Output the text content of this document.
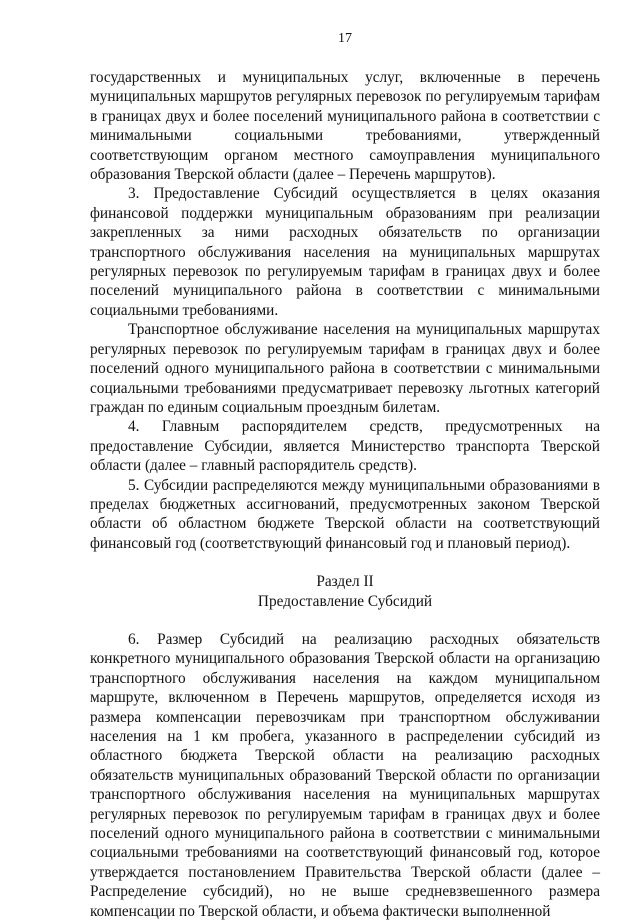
17

государственных и муниципальных услуг, включенные в перечень муниципальных маршрутов регулярных перевозок по регулируемым тарифам в границах двух и более поселений муниципального района в соответствии с минимальными социальными требованиями, утвержденный соответствующим органом местного самоуправления муниципального образования Тверской области (далее – Перечень маршрутов).

3. Предоставление Субсидий осуществляется в целях оказания финансовой поддержки муниципальным образованиям при реализации закрепленных за ними расходных обязательств по организации транспортного обслуживания населения на муниципальных маршрутах регулярных перевозок по регулируемым тарифам в границах двух и более поселений муниципального района в соответствии с минимальными социальными требованиями.

Транспортное обслуживание населения на муниципальных маршрутах регулярных перевозок по регулируемым тарифам в границах двух и более поселений одного муниципального района в соответствии с минимальными социальными требованиями предусматривает перевозку льготных категорий граждан по единым социальным проездным билетам.

4. Главным распорядителем средств, предусмотренных на предоставление Субсидии, является Министерство транспорта Тверской области (далее – главный распорядитель средств).

5. Субсидии распределяются между муниципальными образованиями в пределах бюджетных ассигнований, предусмотренных законом Тверской области об областном бюджете Тверской области на соответствующий финансовый год (соответствующий финансовый год и плановый период).

Раздел II

Предоставление Субсидий

6. Размер Субсидий на реализацию расходных обязательств конкретного муниципального образования Тверской области на организацию транспортного обслуживания населения на каждом муниципальном маршруте, включенном в Перечень маршрутов, определяется исходя из размера компенсации перевозчикам при транспортном обслуживании населения на 1 км пробега, указанного в распределении субсидий из областного бюджета Тверской области на реализацию расходных обязательств муниципальных образований Тверской области по организации транспортного обслуживания населения на муниципальных маршрутах регулярных перевозок по регулируемым тарифам в границах двух и более поселений одного муниципального района в соответствии с минимальными социальными требованиями на соответствующий финансовый год, которое утверждается постановлением Правительства Тверской области (далее – Распределение субсидий), но не выше средневзвешенного размера компенсации по Тверской области, и объема фактически выполненной
